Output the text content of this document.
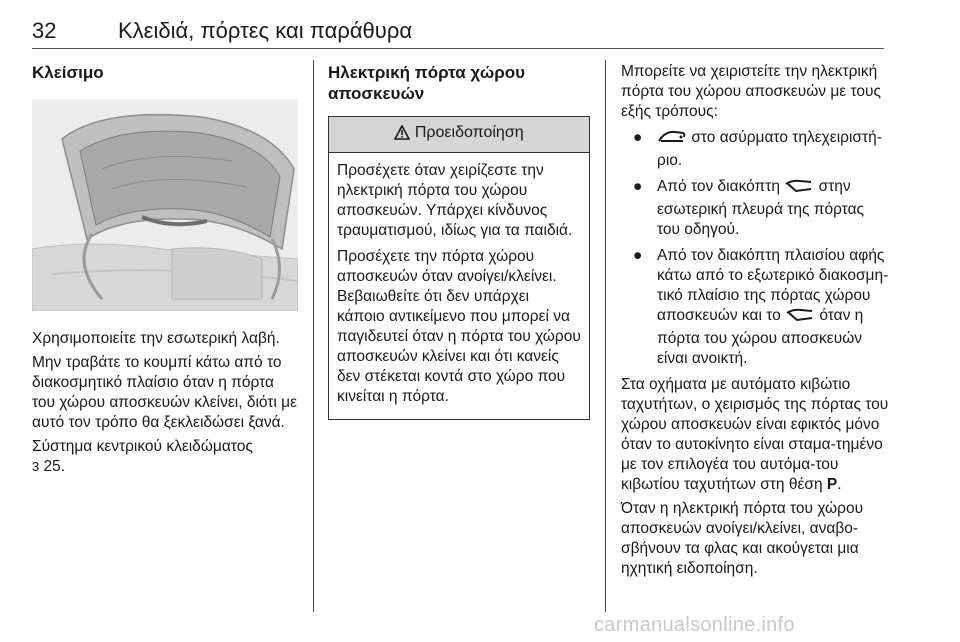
32	Κλειδιά, πόρτες και παράθυρα
Κλείσιμο

Χρησιμοποιείτε την εσωτερική λαβή.

Μην τραβάτε το κουμπί κάτω από το διακοσμητικό πλαίσιο όταν η πόρτα του χώρου αποσκευών κλείνει, διότι με αυτό τον τρόπο θα ξεκλειδώσει ξανά.

Σύστημα κεντρικού κλειδώματος
3 25.

Ηλεκτρική πόρτα χώρου αποσκευών
Προειδοποίηση

Προσέχετε όταν χειρίζεστε την ηλεκτρική πόρτα του χώρου αποσκευών. Υπάρχει κίνδυνος τραυματισμού, ιδίως για τα παιδιά.

Προσέχετε την πόρτα χώρου αποσκευών όταν ανοίγει/κλείνει. Βεβαιωθείτε ότι δεν υπάρχει κάποιο αντικείμενο που μπορεί να παγιδευτεί όταν η πόρτα του χώρου αποσκευών κλείνει και ότι κανείς δεν στέκεται κοντά στο χώρο που κινείται η πόρτα.

Μπορείτε να χειριστείτε την ηλεκτρική πόρτα του χώρου αποσκευών με τους εξής τρόπους:

●	στο ασύρματο τηλεχειριστή-ριο.
● Από τον διακόπτη στην εσωτερική πλευρά της πόρτας του οδηγού.
● Από τον διακόπτη πλαισίου αφής κάτω από το εξωτερικό διακοσμη-τικό πλαίσιο της πόρτας χώρου αποσκευών και το όταν η πόρτα του χώρου αποσκευών είναι ανοικτή.

Στα οχήματα με αυτόματο κιβώτιο ταχυτήτων, ο χειρισμός της πόρτας του χώρου αποσκευών είναι εφικτός μόνο όταν το αυτοκίνητο είναι σταμα-τημένο με τον επιλογέα του αυτόμα-του κιβωτίου ταχυτήτων στη θέση P.

Όταν η ηλεκτρική πόρτα του χώρου αποσκευών ανοίγει/κλείνει, αναβο-σβήνουν τα φλας και ακούγεται μια ηχητική ειδοποίηση.

carmanualsonline.info
